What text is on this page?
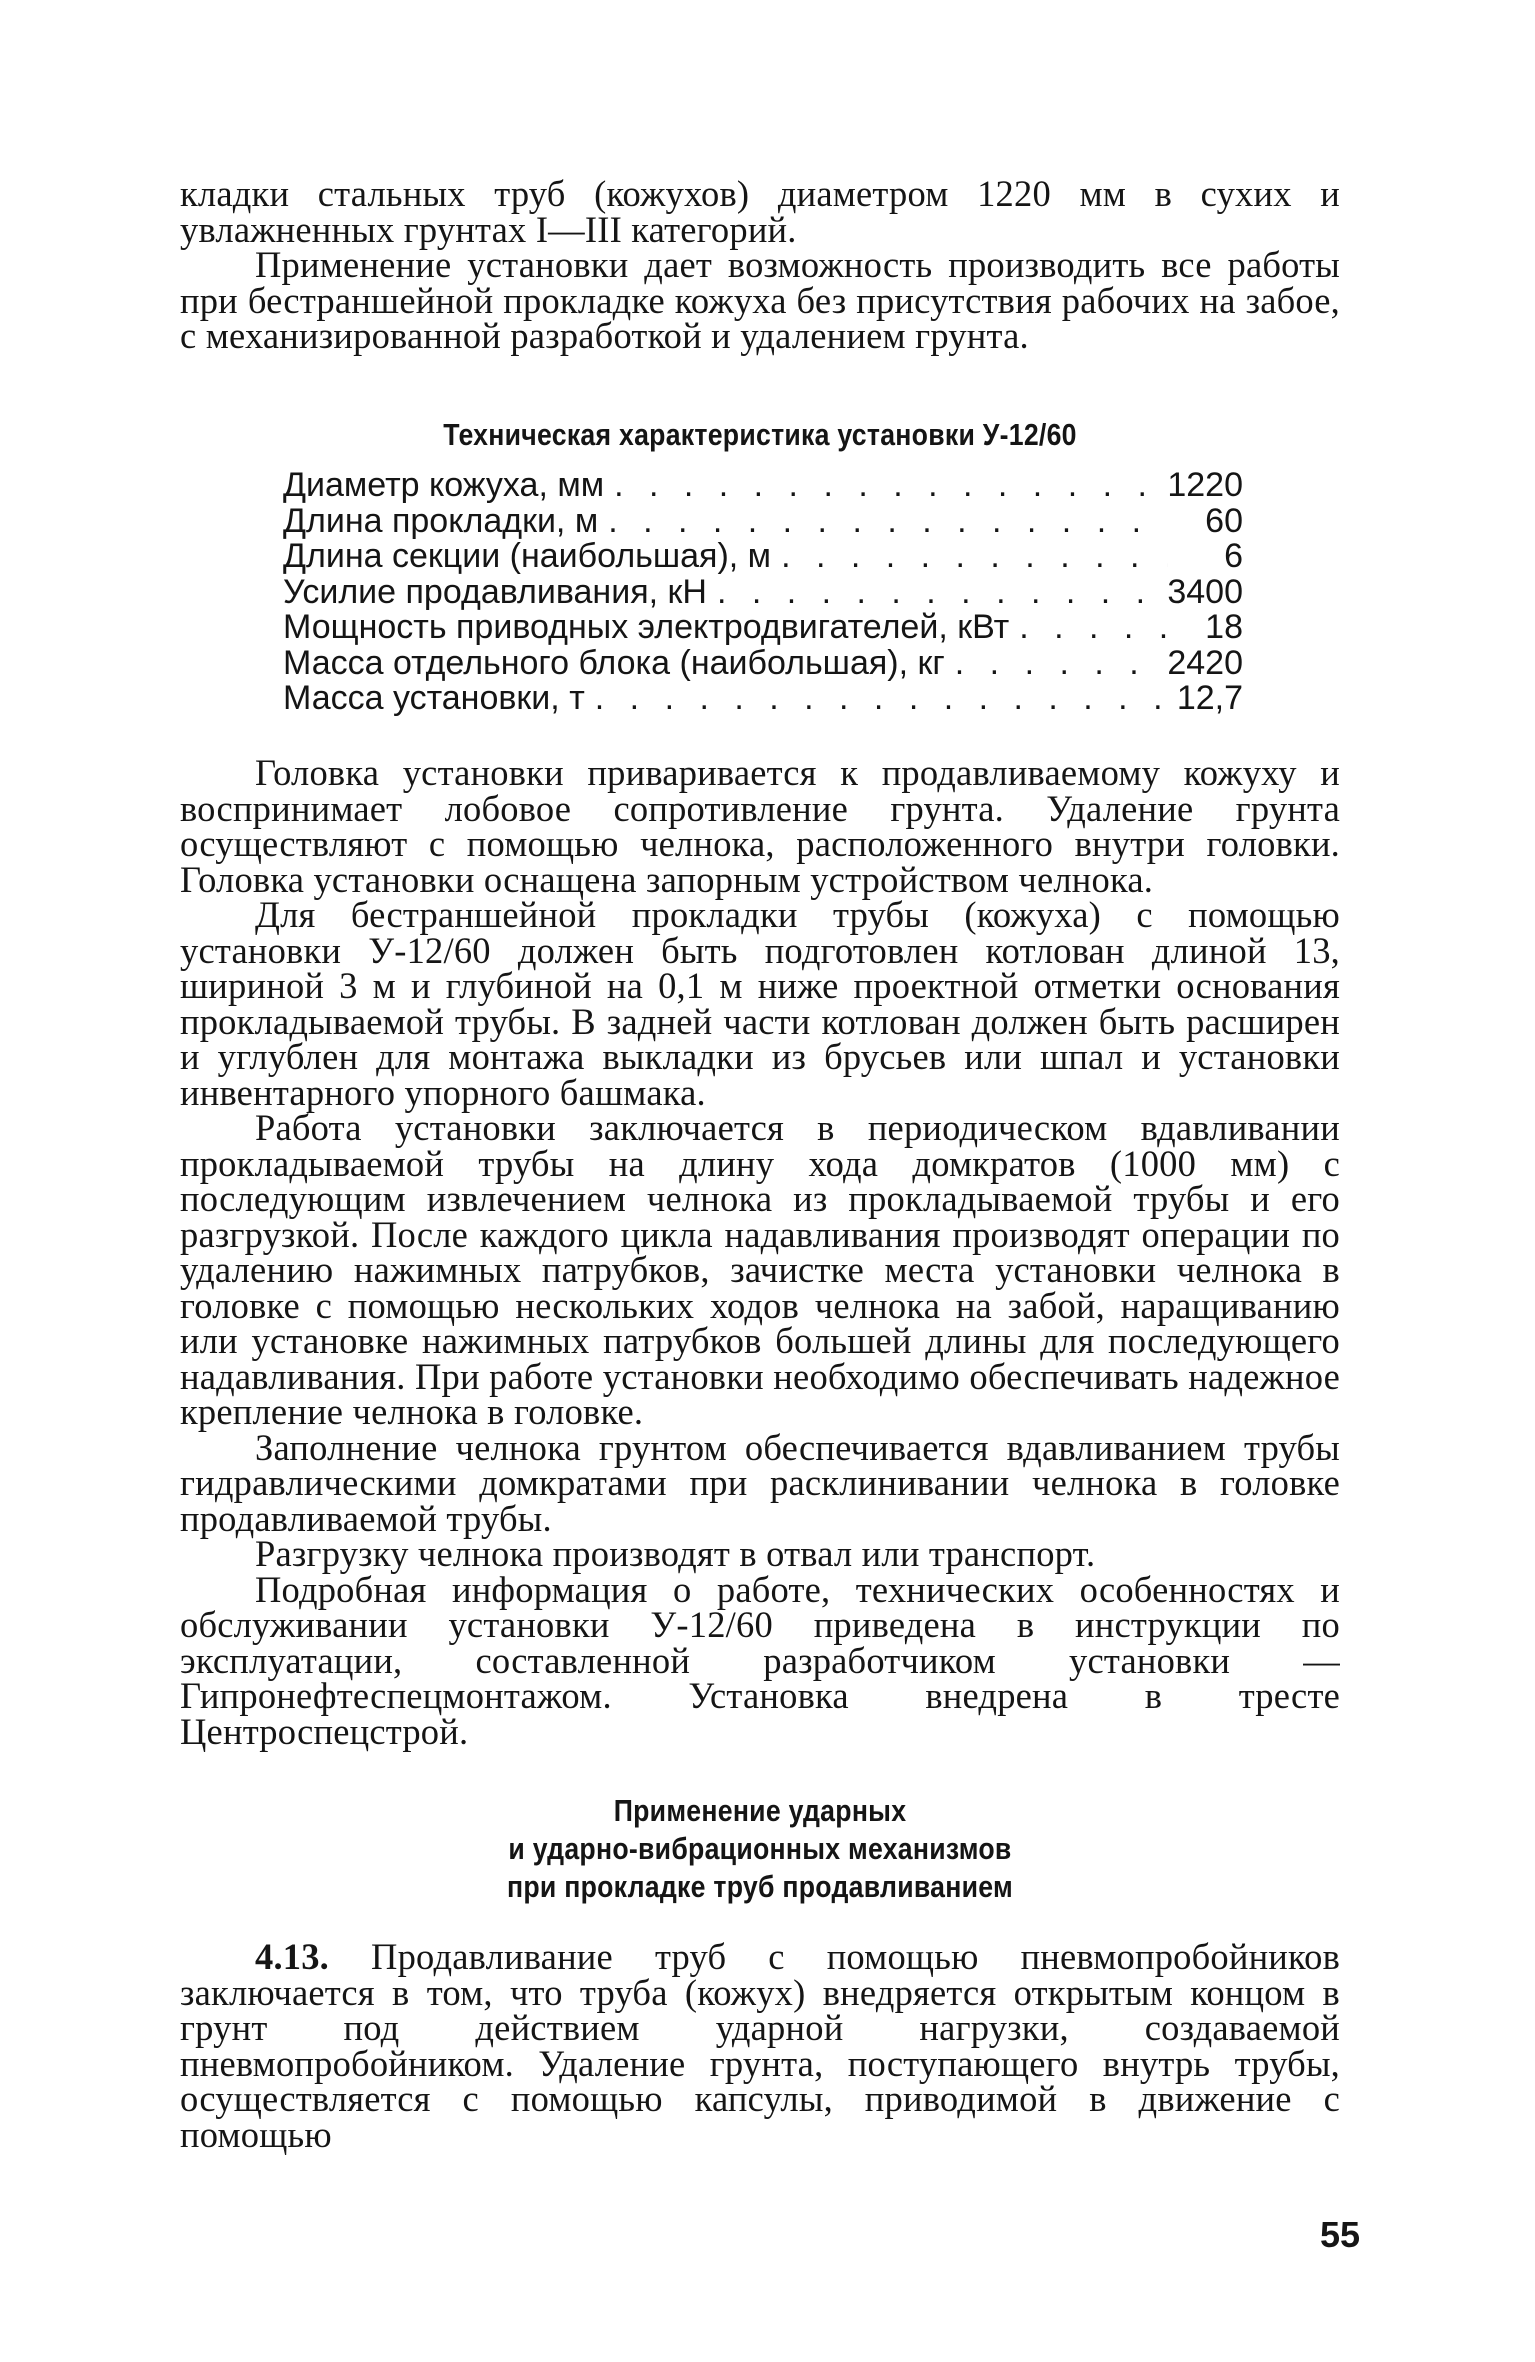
кладки стальных труб (кожухов) диаметром 1220 мм в сухих и увлажненных грунтах I—III категорий.

Применение установки дает возможность производить все работы при бестраншейной прокладке кожуха без присутствия рабочих на забое, с механизированной разработкой и удалением грунта.

Техническая характеристика установки У-12/60
Диаметр кожуха, мм . . .	1220
Длина прокладки, м . . .	60
Длина секции (наибольшая), м . . .	6
Усилие продавливания, кН . . .	3400
Мощность приводных электродвигателей, кВт . . .	18
Масса отдельного блока (наибольшая), кг . . .	2420
Масса установки, т . . .	12,7

Головка установки приваривается к продавливаемому кожуху и воспринимает лобовое сопротивление грунта. Удаление грунта осуществляют с помощью челнока, расположенного внутри головки. Головка установки оснащена запорным устройством челнока.

Для бестраншейной прокладки трубы (кожуха) с помощью установки У-12/60 должен быть подготовлен котлован длиной 13, шириной 3 м и глубиной на 0,1 м ниже проектной отметки основания прокладываемой трубы. В задней части котлован должен быть расширен и углублен для монтажа выкладки из брусьев или шпал и установки инвентарного упорного башмака.

Работа установки заключается в периодическом вдавливании прокладываемой трубы на длину хода домкратов (1000 мм) с последующим извлечением челнока из прокладываемой трубы и его разгрузкой. После каждого цикла надавливания производят операции по удалению нажимных патрубков, зачистке места установки челнока в головке с помощью нескольких ходов челнока на забой, наращиванию или установке нажимных патрубков большей длины для последующего надавливания. При работе установки необходимо обеспечивать надежное крепление челнока в головке.

Заполнение челнока грунтом обеспечивается вдавливанием трубы гидравлическими домкратами при расклинивании челнока в головке продавливаемой трубы.

Разгрузку челнока производят в отвал или транспорт.

Подробная информация о работе, технических особенностях и обслуживании установки У-12/60 приведена в инструкции по эксплуатации, составленной разработчиком установки — Гипронефтеспецмонтажом. Установка внедрена в тресте Центроспецстрой.

Применение ударных
и ударно-вибрационных механизмов
при прокладке труб продавливанием

4.13. Продавливание труб с помощью пневмопробойников заключается в том, что труба (кожух) внедряется открытым концом в грунт под действием ударной нагрузки, создаваемой пневмопробойником. Удаление грунта, поступающего внутрь трубы, осуществляется с помощью капсулы, приводимой в движение с помощью

55
